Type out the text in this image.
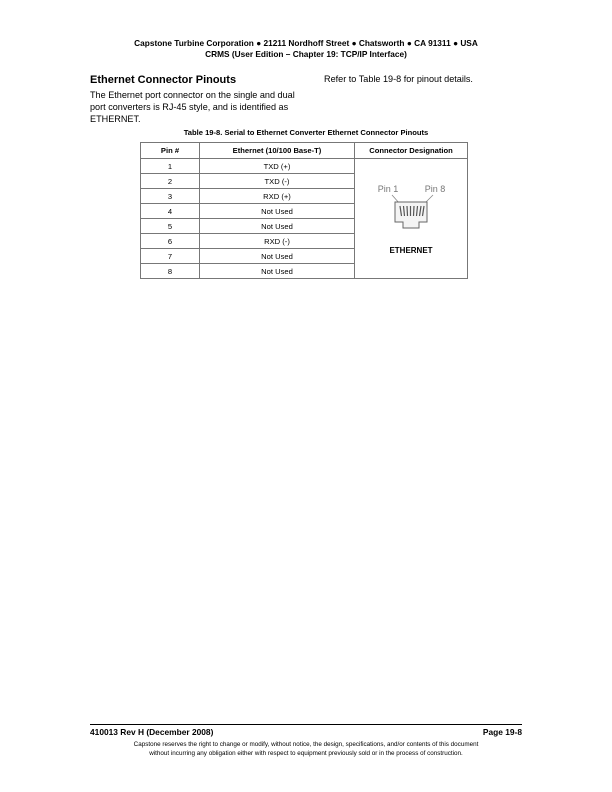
Capstone Turbine Corporation ● 21211 Nordhoff Street ● Chatsworth ● CA 91311 ● USA
CRMS (User Edition – Chapter 19: TCP/IP Interface)
Ethernet Connector Pinouts
The Ethernet port connector on the single and dual port converters is RJ-45 style, and is identified as ETHERNET.
Refer to Table 19-8 for pinout details.
Table 19-8. Serial to Ethernet Converter Ethernet Connector Pinouts
Pin #	Ethernet (10/100 Base-T)	Connector Designation
1	TXD (+)	Pin 1 Pin 8
ETHERNET

2	TXD (-)	
3	RXD (+)	
4	Not Used	
5	Not Used	
6	RXD (-)	
7	Not Used	
8	Not Used	
410013 Rev H (December 2008)	Page 19-8
Capstone reserves the right to change or modify, without notice, the design, specifications, and/or contents of this document
without incurring any obligation either with respect to equipment previously sold or in the process of construction.
